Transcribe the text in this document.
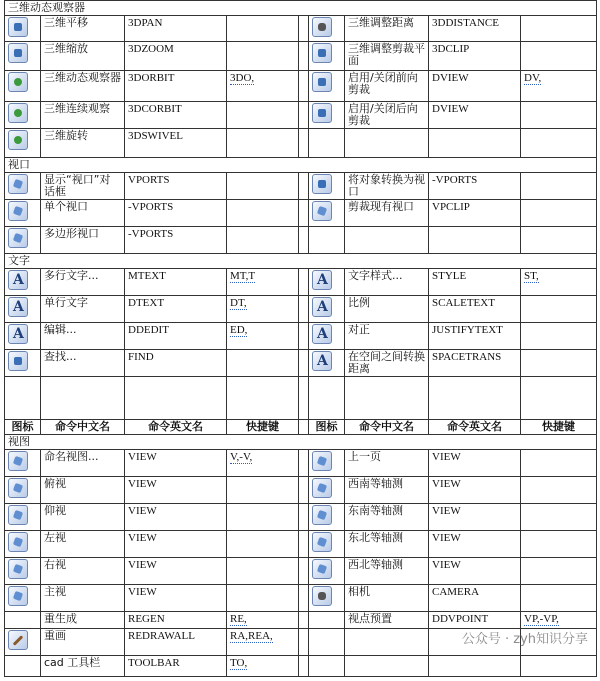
三维动态观察器								
	三维平移	3DPAN				三维调整距离	3DDISTANCE	
	三维缩放	3DZOOM				三维调整剪裁平面	3DCLIP	
	三维动态观察器	3DORBIT	3DO,			启用/关闭前向剪裁	DVIEW	DV,
	三维连续观察	3DCORBIT				启用/关闭后向剪裁	DVIEW	
	三维旋转	3DSWIVEL						
视口								
	显示“视口”对话框	VPORTS				将对象转换为视口	-VPORTS	
	单个视口	-VPORTS				剪裁现有视口	VPCLIP	
	多边形视口	-VPORTS						
文字								
A	多行文字...	MTEXT	MT,T		A	文字样式...	STYLE	ST,
A	单行文字	DTEXT	DT,		A	比例	SCALETEXT	
A	编辑...	DDEDIT	ED,		A	对正	JUSTIFYTEXT	
	查找...	FIND			A	在空间之间转换距离	SPACETRANS	

图标	命令中文名	命令英文名	快捷键		图标	命令中文名	命令英文名	快捷键
视图								
	命名视图...	VIEW	V,-V,			上一页	VIEW	
	俯视	VIEW				西南等轴测	VIEW	
	仰视	VIEW				东南等轴测	VIEW	
	左视	VIEW				东北等轴测	VIEW	
	右视	VIEW				西北等轴测	VIEW	
	主视	VIEW				相机	CAMERA	
	重生成	REGEN	RE,			视点预置	DDVPOINT	VP,-VP,
	重画	REDRAWALL	RA,REA,					
	cad 工具栏	TOOLBAR	TO,					
公众号 · zyh知识分享
